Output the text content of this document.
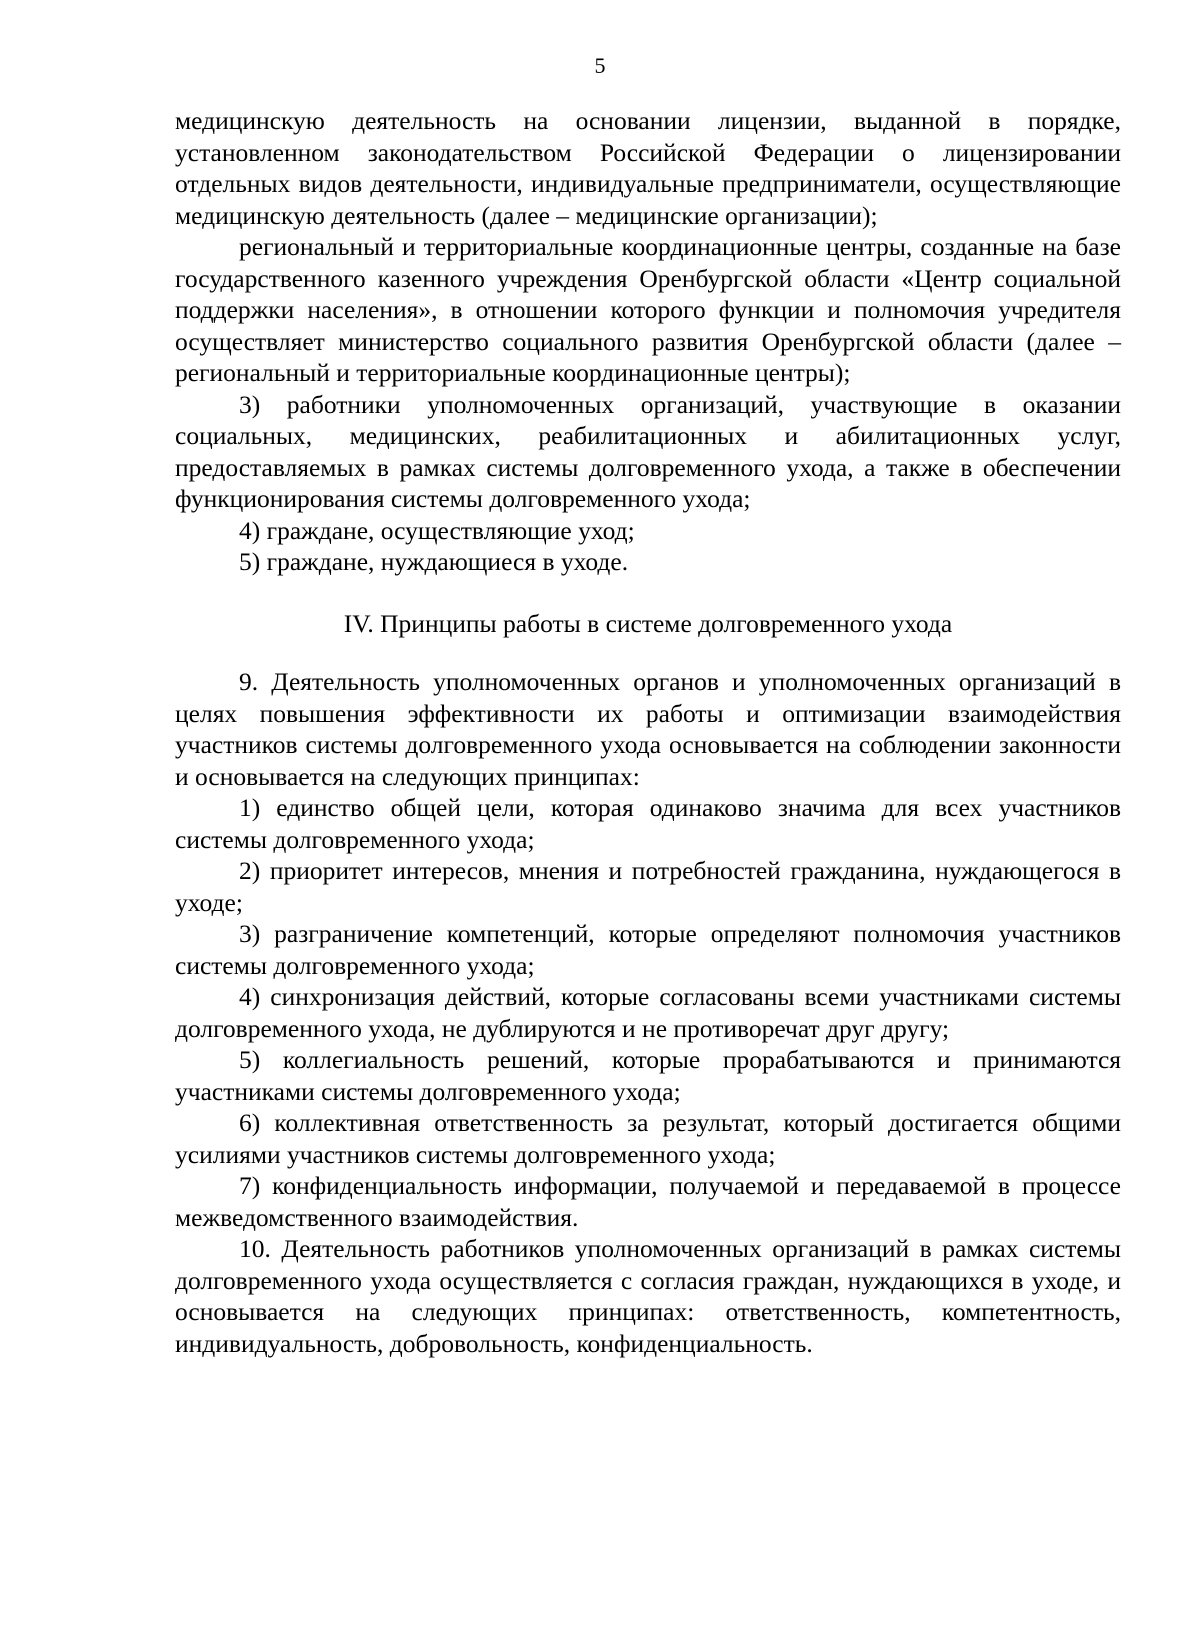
5

медицинскую деятельность на основании лицензии, выданной в порядке, установленном законодательством Российской Федерации о лицензировании отдельных видов деятельности, индивидуальные предприниматели, осуществляющие медицинскую деятельность (далее – медицинские организации);

региональный и территориальные координационные центры, созданные на базе государственного казенного учреждения Оренбургской области «Центр социальной поддержки населения», в отношении которого функции и полномочия учредителя осуществляет министерство социального развития Оренбургской области (далее – региональный и территориальные координационные центры);

3) работники уполномоченных организаций, участвующие в оказании социальных, медицинских, реабилитационных и абилитационных услуг, предоставляемых в рамках системы долговременного ухода, а также в обеспечении функционирования системы долговременного ухода;

4) граждане, осуществляющие уход;

5) граждане, нуждающиеся в уходе.

IV. Принципы работы в системе долговременного ухода

9. Деятельность уполномоченных органов и уполномоченных организаций в целях повышения эффективности их работы и оптимизации взаимодействия участников системы долговременного ухода основывается на соблюдении законности и основывается на следующих принципах:

1) единство общей цели, которая одинаково значима для всех участников системы долговременного ухода;

2) приоритет интересов, мнения и потребностей гражданина, нуждающегося в уходе;

3) разграничение компетенций, которые определяют полномочия участников системы долговременного ухода;

4) синхронизация действий, которые согласованы всеми участниками системы долговременного ухода, не дублируются и не противоречат друг другу;

5) коллегиальность решений, которые прорабатываются и принимаются участниками системы долговременного ухода;

6) коллективная ответственность за результат, который достигается общими усилиями участников системы долговременного ухода;

7) конфиденциальность информации, получаемой и передаваемой в процессе межведомственного взаимодействия.

10. Деятельность работников уполномоченных организаций в рамках системы долговременного ухода осуществляется с согласия граждан, нуждающихся в уходе, и основывается на следующих принципах: ответственность, компетентность, индивидуальность, добровольность, конфиденциальность.
